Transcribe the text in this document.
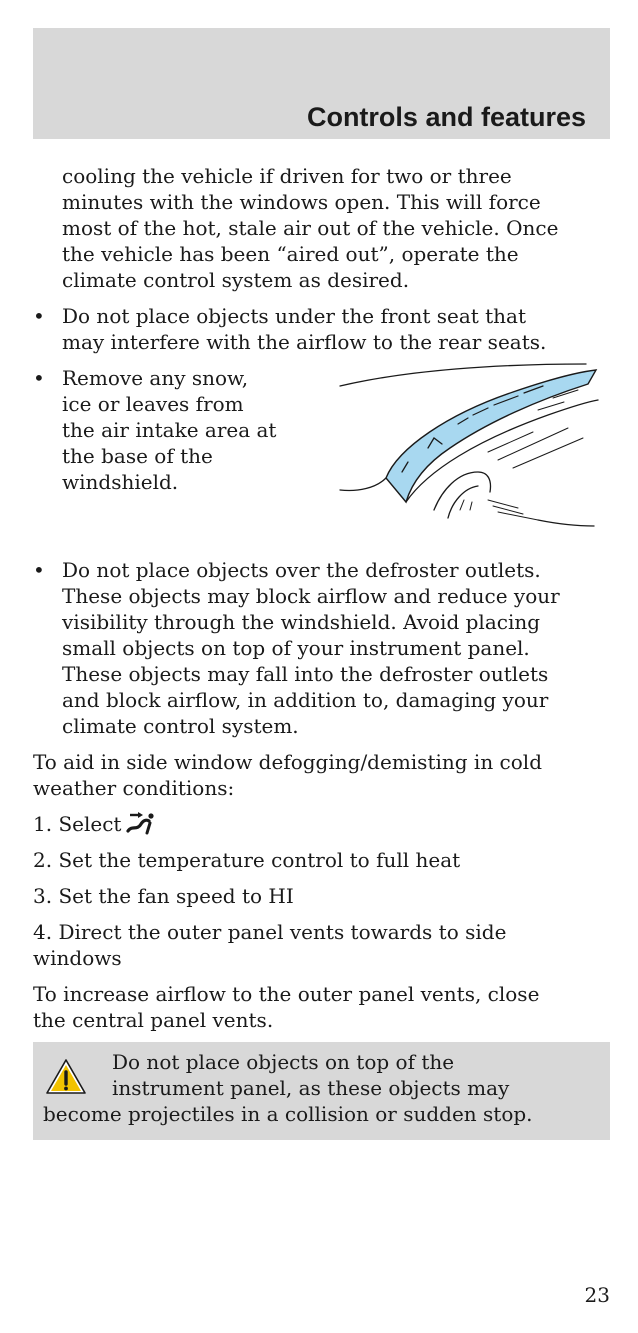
Controls and features
cooling the vehicle if driven for two or three
minutes with the windows open. This will force
most of the hot, stale air out of the vehicle. Once
the vehicle has been “aired out”, operate the
climate control system as desired.
• Do not place objects under the front seat that
may interfere with the airflow to the rear seats.
• Remove any snow,
ice or leaves from
the air intake area at
the base of the
windshield.
• Do not place objects over the defroster outlets.
These objects may block airflow and reduce your
visibility through the windshield. Avoid placing
small objects on top of your instrument panel.
These objects may fall into the defroster outlets
and block airflow, in addition to, damaging your
climate control system.
To aid in side window defogging/demisting in cold
weather conditions:
1. Select
2. Set the temperature control to full heat
3. Set the fan speed to HI
4. Direct the outer panel vents towards to side
windows
To increase airflow to the outer panel vents, close
the central panel vents.
Do not place objects on top of the
instrument panel, as these objects may
become projectiles in a collision or sudden stop.
23
